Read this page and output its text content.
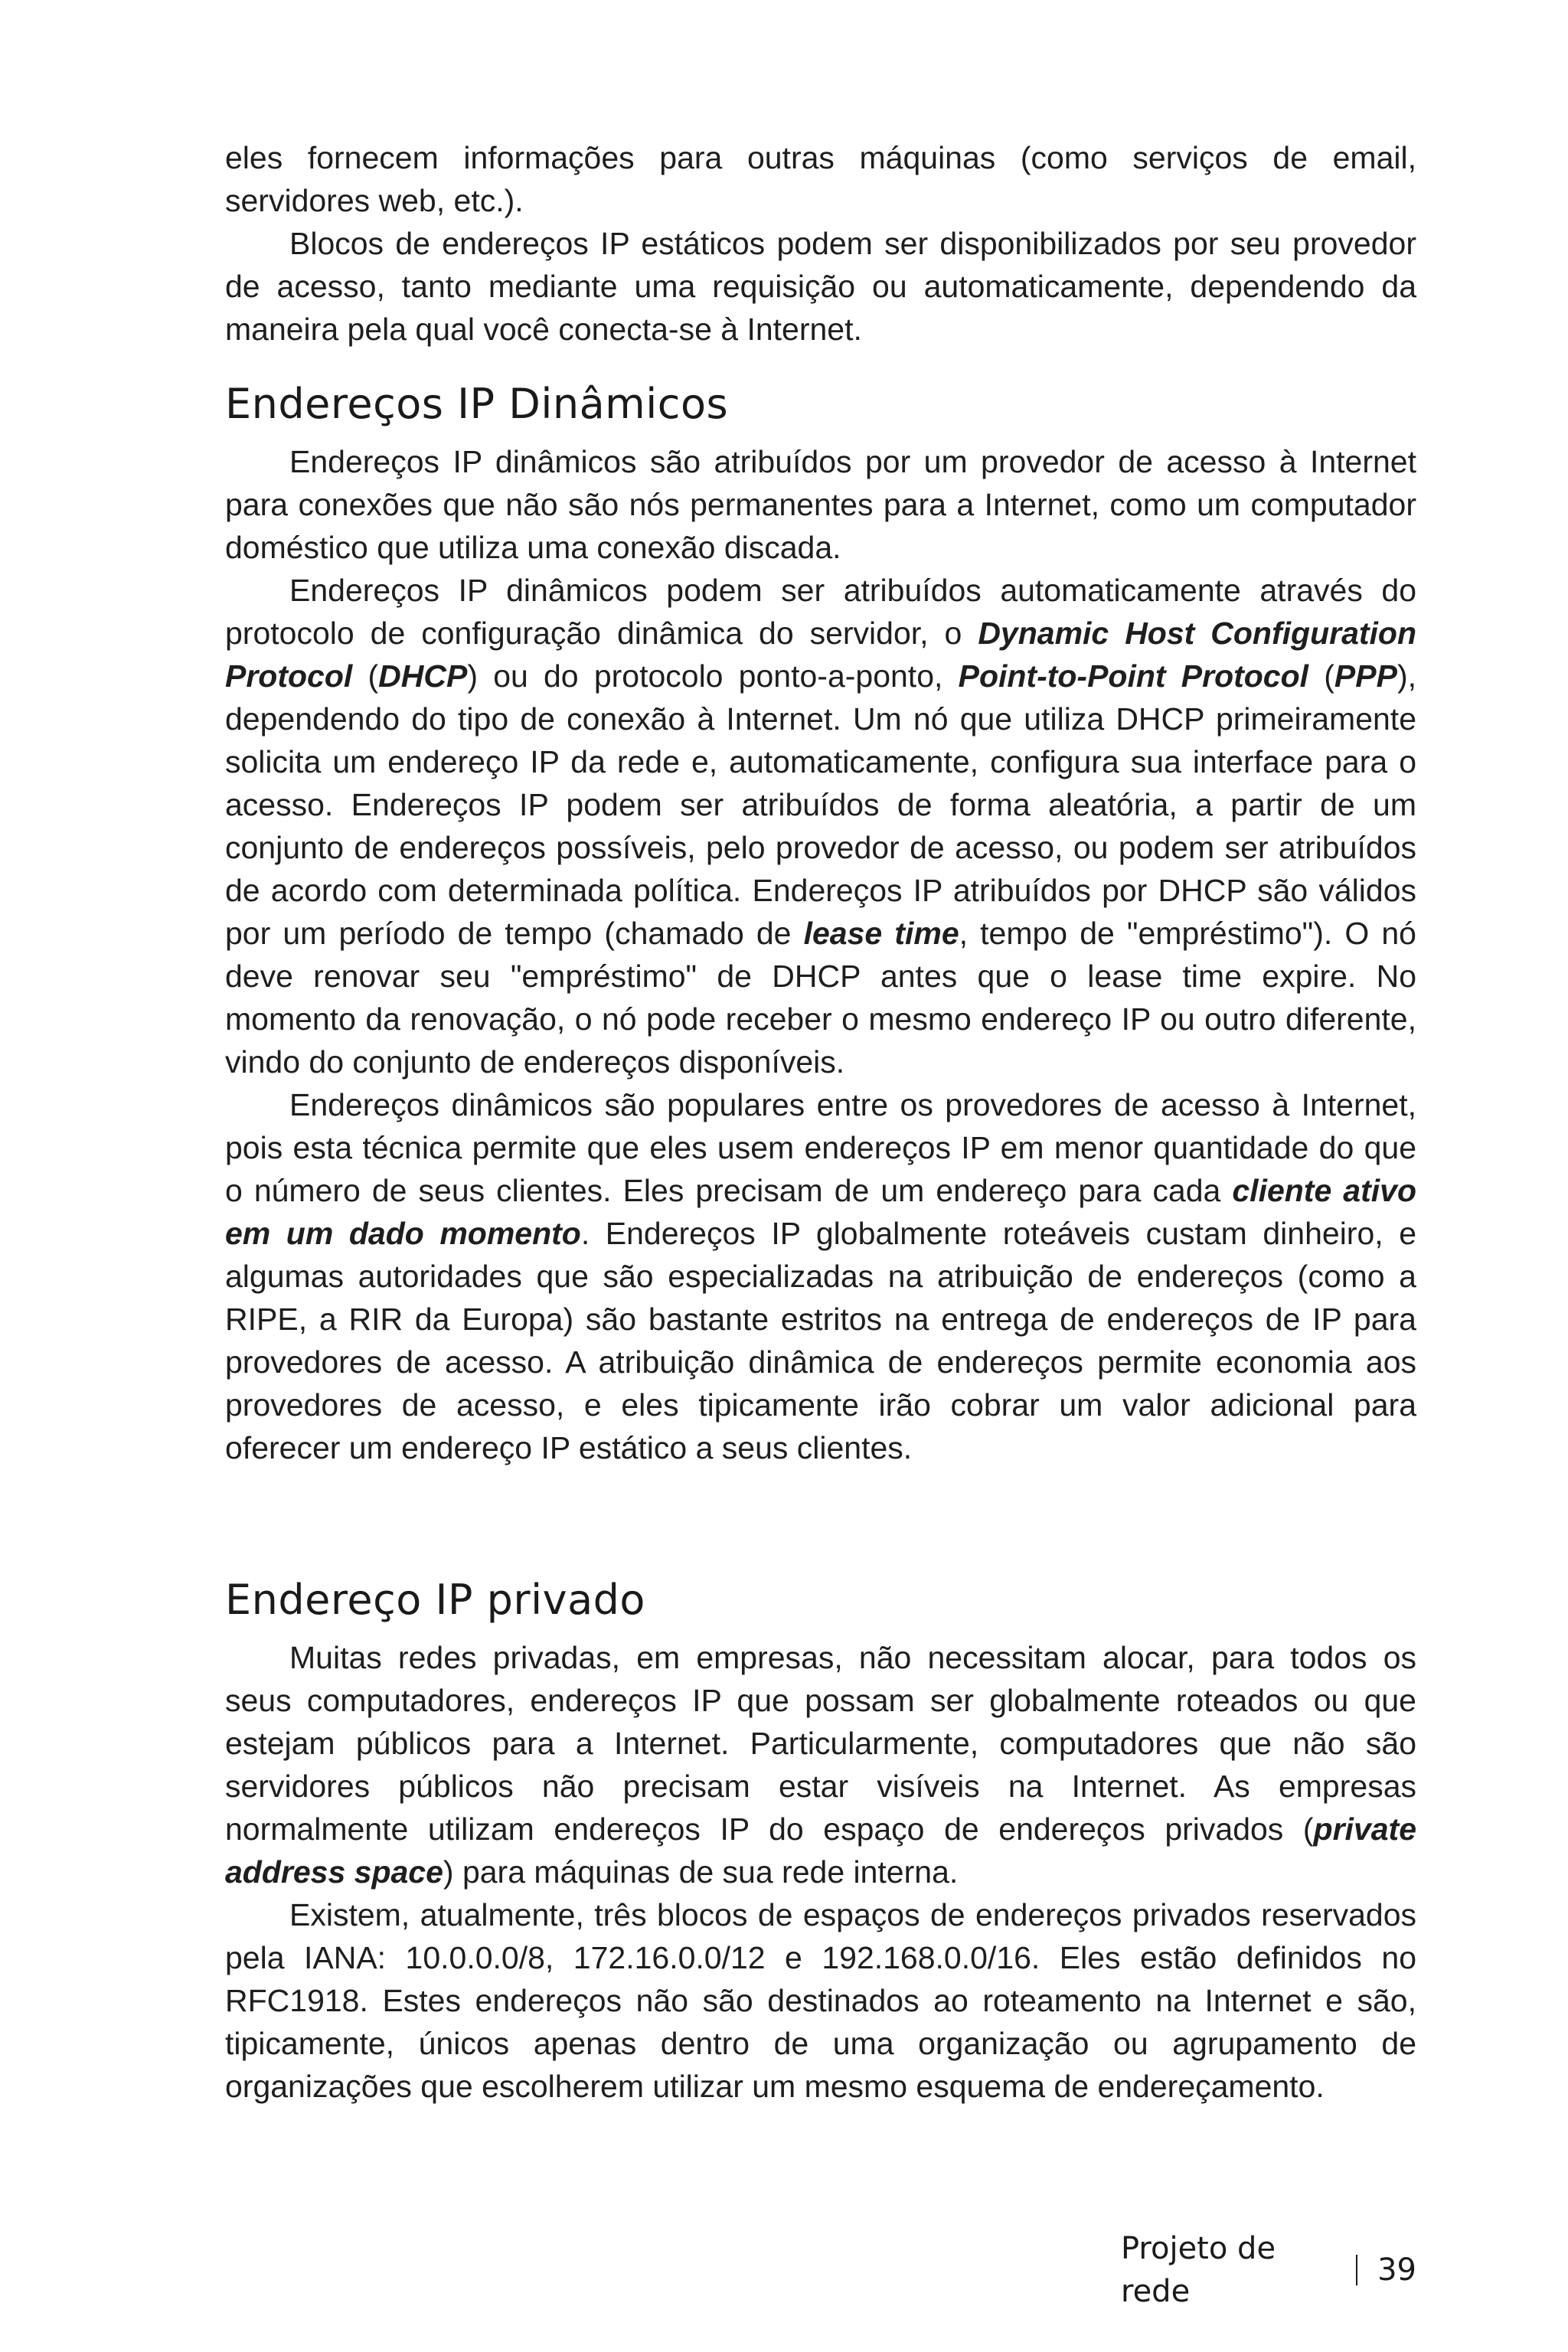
eles fornecem informações para outras máquinas (como serviços de email, servidores web, etc.).

Blocos de endereços IP estáticos podem ser disponibilizados por seu provedor de acesso, tanto mediante uma requisição ou automaticamente, dependendo da maneira pela qual você conecta-se à Internet.

Endereços IP Dinâmicos

Endereços IP dinâmicos são atribuídos por um provedor de acesso à Internet para conexões que não são nós permanentes para a Internet, como um computador doméstico que utiliza uma conexão discada.

Endereços IP dinâmicos podem ser atribuídos automaticamente através do protocolo de configuração dinâmica do servidor, o Dynamic Host Configuration Protocol (DHCP) ou do protocolo ponto-a-ponto, Point-to-Point Protocol (PPP), dependendo do tipo de conexão à Internet. Um nó que utiliza DHCP primeiramente solicita um endereço IP da rede e, automaticamente, configura sua interface para o acesso. Endereços IP podem ser atribuídos de forma aleatória, a partir de um conjunto de endereços possíveis, pelo provedor de acesso, ou podem ser atribuídos de acordo com determinada política. Endereços IP atribuídos por DHCP são válidos por um período de tempo (chamado de lease time, tempo de "empréstimo"). O nó deve renovar seu "empréstimo" de DHCP antes que o lease time expire. No momento da renovação, o nó pode receber o mesmo endereço IP ou outro diferente, vindo do conjunto de endereços disponíveis.

Endereços dinâmicos são populares entre os provedores de acesso à Internet, pois esta técnica permite que eles usem endereços IP em menor quantidade do que o número de seus clientes. Eles precisam de um endereço para cada cliente ativo em um dado momento. Endereços IP globalmente roteáveis custam dinheiro, e algumas autoridades que são especializadas na atribuição de endereços (como a RIPE, a RIR da Europa) são bastante estritos na entrega de endereços de IP para provedores de acesso. A atribuição dinâmica de endereços permite economia aos provedores de acesso, e eles tipicamente irão cobrar um valor adicional para oferecer um endereço IP estático a seus clientes.

Endereço IP privado

Muitas redes privadas, em empresas, não necessitam alocar, para todos os seus computadores, endereços IP que possam ser globalmente roteados ou que estejam públicos para a Internet. Particularmente, computadores que não são servidores públicos não precisam estar visíveis na Internet. As empresas normalmente utilizam endereços IP do espaço de endereços privados (private address space) para máquinas de sua rede interna.

Existem, atualmente, três blocos de espaços de endereços privados reservados pela IANA: 10.0.0.0/8, 172.16.0.0/12 e 192.168.0.0/16. Eles estão definidos no RFC1918. Estes endereços não são destinados ao roteamento na Internet e são, tipicamente, únicos apenas dentro de uma organização ou agrupamento de organizações que escolherem utilizar um mesmo esquema de endereçamento.

Projeto de rede
39
